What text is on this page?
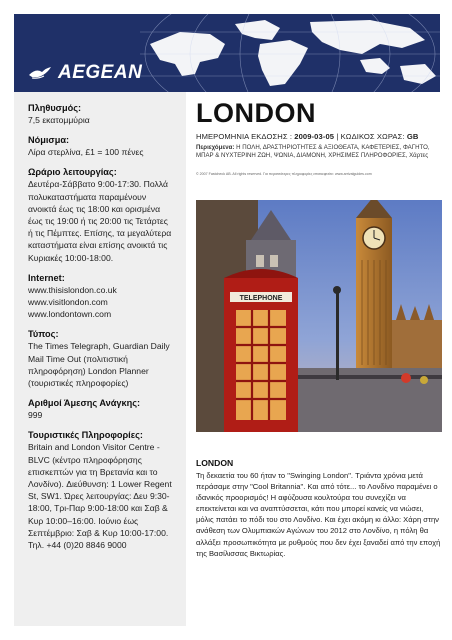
AEGEAN
Πληθυσμός:
7,5 εκατομμύρια
Νόμισμα:
Λίρα στερλίνα, £1 = 100 πένες
Ωράριο λειτουργίας:
Δευτέρα-Σάββατο 9:00-17:30. Πολλά πολυκαταστήματα παραμένουν ανοικτά έως τις 18:00 και ορισμένα έως τις 19:00 ή τις 20:00 τις Τετάρτες ή τις Πέμπτες. Επίσης, τα μεγαλύτερα καταστήματα είναι επίσης ανοικτά τις Κυριακές 10:00-18:00.
Internet:
www.thisislondon.co.uk
www.visitlondon.com
www.londontown.com
Τύπος:
The Times Telegraph, Guardian Daily Mail Time Out (πολιτιστική πληροφόρηση) London Planner (τουριστικές πληροφορίες)
Αριθμοί Άμεσης Ανάγκης:
999
Τουριστικές Πληροφορίες:
Britain and London Visitor Centre - BLVC (κέντρο πληροφόρησης επισκεπτών για τη Βρετανία και το Λονδίνο). Διεύθυνση: 1 Lower Regent St, SW1. Ώρες λειτουργίας: Δευ 9:30-18:00, Τρι-Παρ 9:00-18:00 και Σαβ & Κυρ 10:00–16:00. Ιούνιο έως Σεπτέμβριο: Σαβ & Κυρ 10:00-17:00. Τηλ. +44 (0)20 8846 9000
LONDON
ΗΜΕΡΟΜΗΝΙΑ ΕΚΔΟΣΗΣ : 2009-03-05 | ΚΩΔΙΚΟΣ ΧΩΡΑΣ: GB
Περιεχόμενα: Η ΠΟΛΗ, ΔΡΑΣΤΗΡΙΟΤΗΤΕΣ & ΑΞΙΟΘΕΑΤΑ, ΚΑΦΕΤΕΡΙΕΣ, ΦΑΓΗΤΟ, ΜΠΑΡ & ΝΥΧΤΕΡΙΝΗ ΖΩΗ, ΨΩΝΙΑ, ΔΙΑΜΟΝΗ, ΧΡΗΣΙΜΕΣ ΠΛΗΡΟΦΟΡΙΕΣ, Χάρτες
© 2007 Fastcheck AB. All rights reserved. Για περισσότερες πληροφορίες επισκεφτείτε: www.arrivalguides.com
TELEPHONE
LONDON
Τη δεκαετία του 60 ήταν το "Swinging London". Τριάντα χρόνια μετά περάσαμε στην "Cool Britannia". Και από τότε... το Λονδίνο παραμένει ο ιδανικός προορισμός! Η αφύζουσα κουλτούρα του συνεχίζει να επεκτείνεται και να αναπτύσσεται, κάτι που μπορεί κανείς να νιώσει, μόλις πατάει το πόδι του στο Λονδίνο. Και έχει ακόμη κι άλλο: Χάρη στην ανάθεση των Ολυμπιακών Αγώνων του 2012 στο Λονδίνο, η πόλη θα αλλάξει προσωπικότητα με ρυθμούς που δεν έχει ξαναδεί από την εποχή της Βασίλισσας Βικτωρίας.
